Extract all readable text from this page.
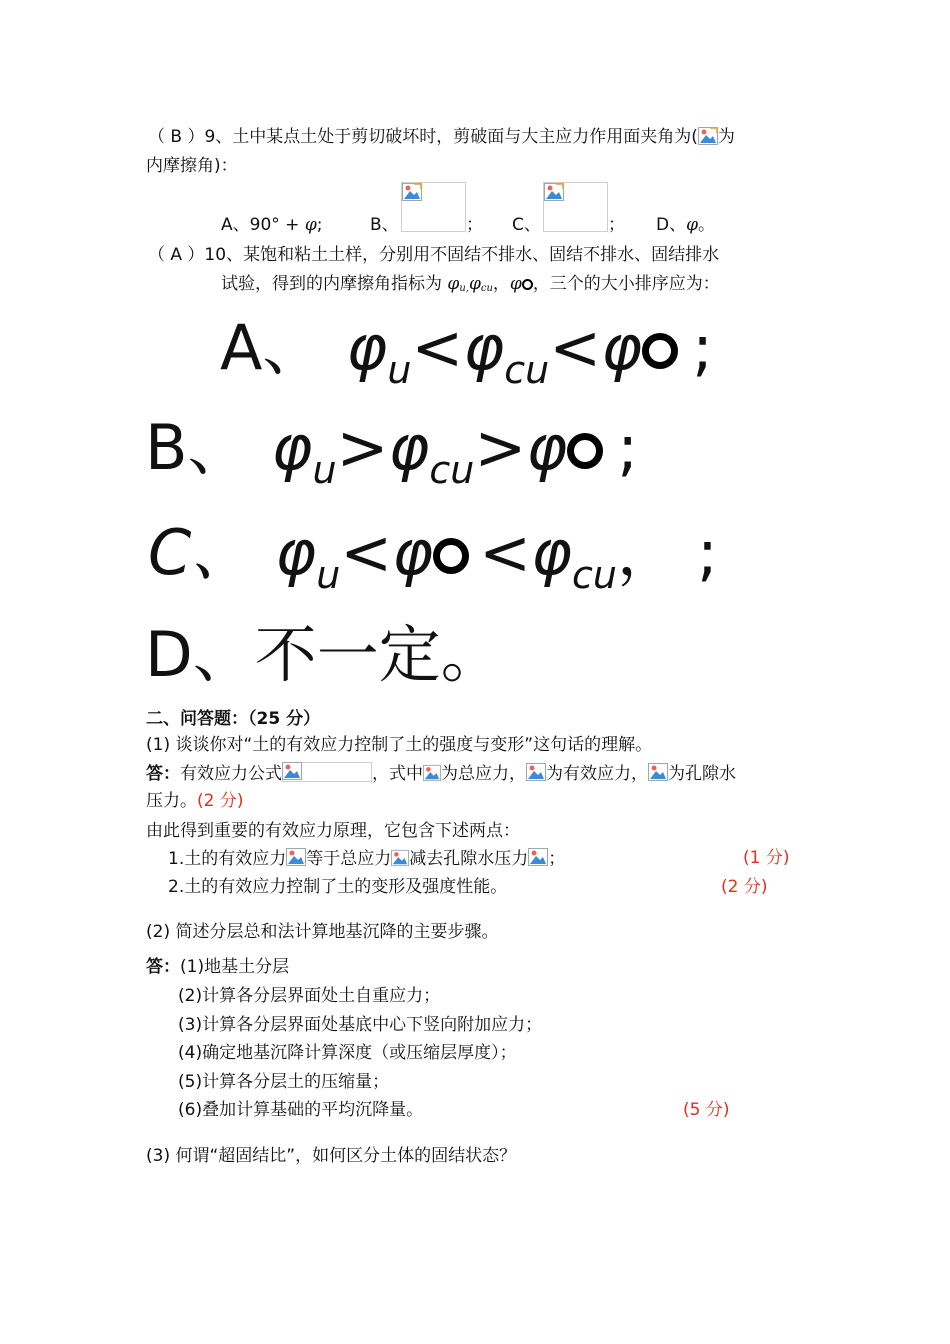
（ B ）9、土中某点土处于剪切破坏时，剪破面与大主应力作用面夹角为( 为
内摩擦角)：
A、90° + φ;	B、	； C、	； D、φ。
（ A ）10、某饱和粘土土样，分别用不固结不排水、固结不排水、固结排水
试验，得到的内摩擦角指标为 $\varphi_{u,}\varphi_{cu}$，φ ，三个的大小排序应为：
A、 $\varphi_u<\varphi_{cu}<\varphi$ ;
B、 $\varphi_u>\varphi_{cu}>\varphi$ ;
C、 $\varphi_u<\varphi <\varphi_{cu}$， ;
D、不一定。
二、问答题：（25 分）
(1) 谈谈你对“土的有效应力控制了土的强度与变形”这句话的理解。
答：有效应力公式	，式中 为总应力， 为有效应力， 为孔隙水
压力。(2 分)
由此得到重要的有效应力原理，它包含下述两点：
1.土的有效应力 等于总应力 减去孔隙水压力 ；	(1 分)
2.土的有效应力控制了土的变形及强度性能。	(2 分)
(2) 简述分层总和法计算地基沉降的主要步骤。
答：(1)地基土分层
(2)计算各分层界面处土自重应力；
(3)计算各分层界面处基底中心下竖向附加应力；
(4)确定地基沉降计算深度（或压缩层厚度）；
(5)计算各分层土的压缩量；
(6)叠加计算基础的平均沉降量。	(5 分)
(3) 何谓“超固结比”，如何区分土体的固结状态？
